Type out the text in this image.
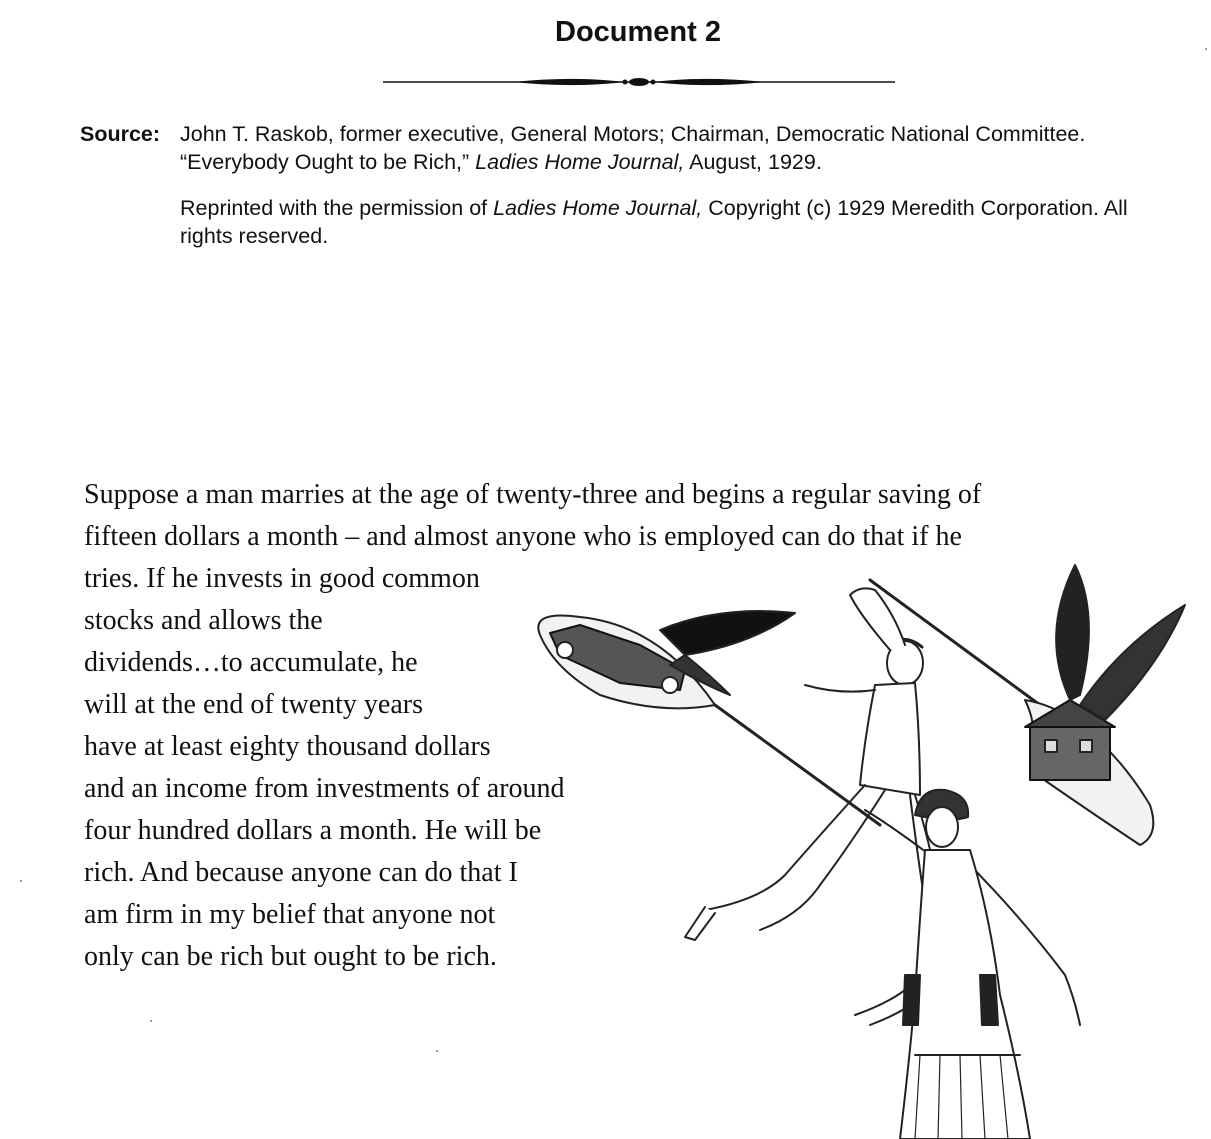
Document 2
Source: John T. Raskob, former executive, General Motors; Chairman, Democratic National Committee. “Everybody Ought to be Rich,” Ladies Home Journal, August, 1929.
Reprinted with the permission of Ladies Home Journal, Copyright (c) 1929 Meredith Corporation. All rights reserved.
Suppose a man marries at the age of twenty-three and begins a regular saving of
fifteen dollars a month – and almost anyone who is employed can do that if he
tries. If he invests in good common
stocks and allows the
dividends…to accumulate, he
will at the end of twenty years
have at least eighty thousand dollars
and an income from investments of around
four hundred dollars a month. He will be
rich. And because anyone can do that I
am firm in my belief that anyone not
only can be rich but ought to be rich.
